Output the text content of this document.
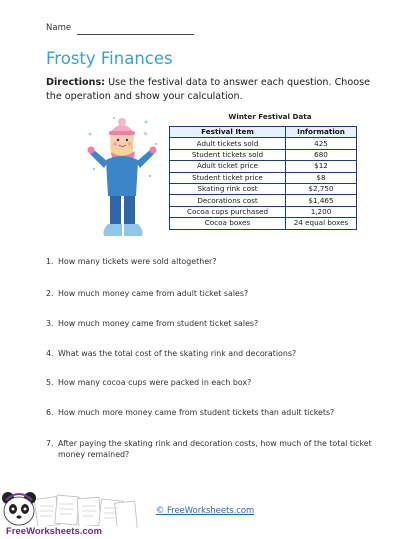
Name
Frosty Finances
Directions: Use the festival data to answer each question. Choose the operation and show your calculation.
Winter Festival Data
Festival Item	Information
Adult tickets sold	425
Student tickets sold	680
Adult ticket price	$12
Student ticket price	$8
Skating rink cost	$2,750
Decorations cost	$1,465
Cocoa cups purchased	1,200
Cocoa boxes	24 equal boxes
1. How many tickets were sold altogether?
2. How much money came from adult ticket sales?
3. How much money came from student ticket sales?
4. What was the total cost of the skating rink and decorations?
5. How many cocoa cups were packed in each box?
6. How much more money came from student tickets than adult tickets?
7. After paying the skating rink and decoration costs, how much of the total ticket money remained?
FreeWorksheets.com
© FreeWorksheets.com
